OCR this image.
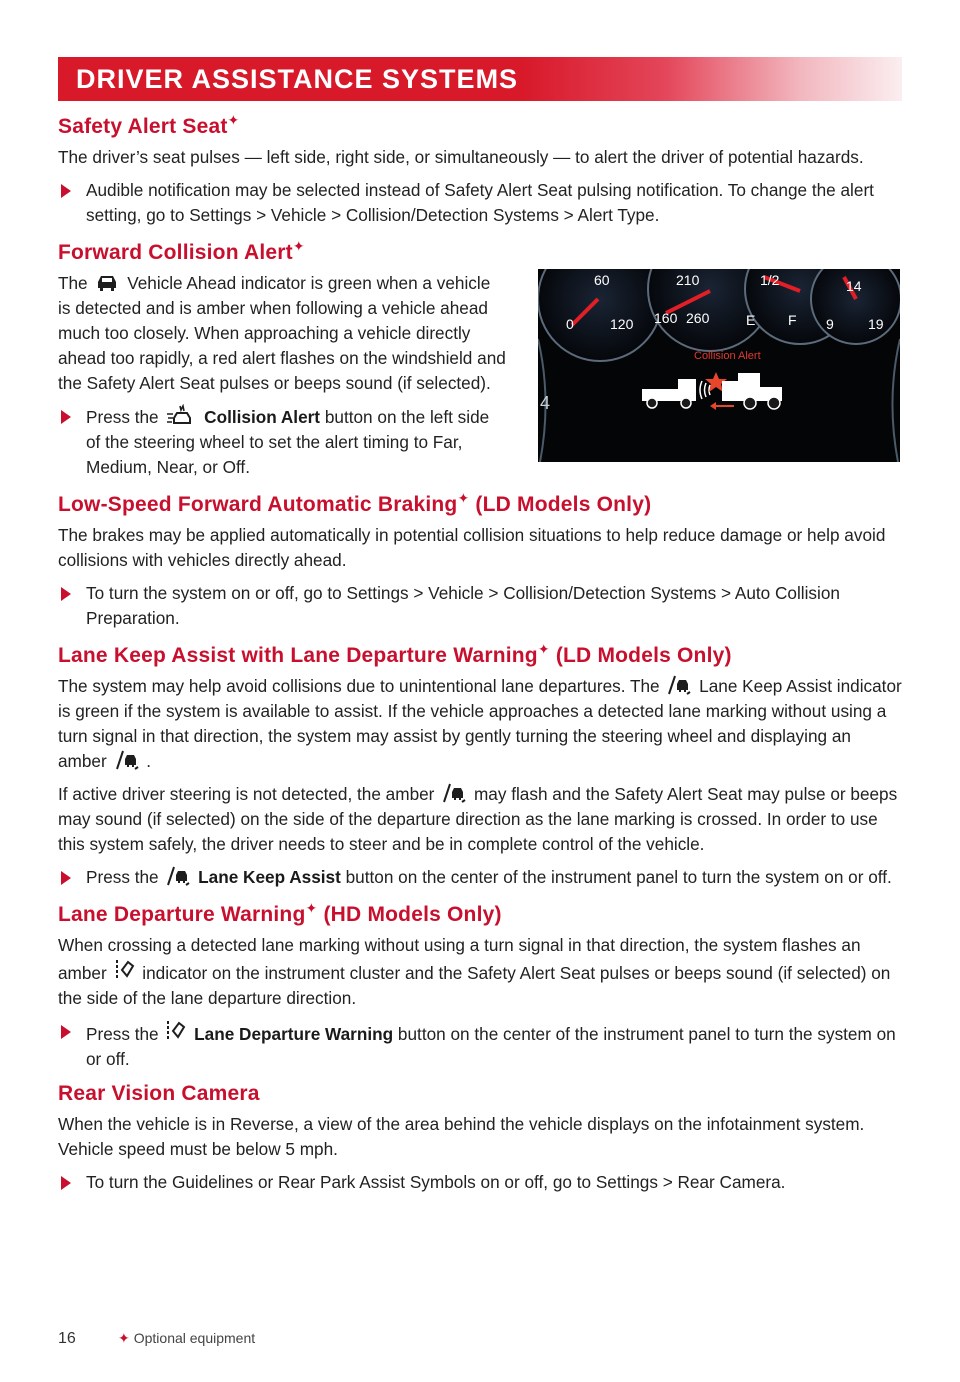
DRIVER ASSISTANCE SYSTEMS
Safety Alert Seat✦

The driver’s seat pulses — left side, right side, or simultaneously — to alert the driver of potential hazards.

Audible notification may be selected instead of Safety Alert Seat pulsing notification. To change the alert setting, go to Settings > Vehicle > Collision/Detection Systems > Alert Type.
Forward Collision Alert✦

The Vehicle Ahead indicator is green when a vehicle is detected and is amber when following a vehicle ahead much too closely. When approaching a vehicle directly ahead too rapidly, a red alert flashes on the windshield and the Safety Alert Seat pulses or beeps sound (if selected).

Press the	Collision Alert button on the left side of the steering wheel to set the alert timing to Far, Medium, Near, or Off.
60
0	120
210
160 260
1/2
E F
14
9 19
4
Collision Alert
Low-Speed Forward Automatic Braking✦ (LD Models Only)

The brakes may be applied automatically in potential collision situations to help reduce damage or help avoid collisions with vehicles directly ahead.

To turn the system on or off, go to Settings > Vehicle > Collision/Detection Systems > Auto Collision Preparation.
Lane Keep Assist with Lane Departure Warning✦ (LD Models Only)

The system may help avoid collisions due to unintentional lane departures. The Lane Keep Assist indicator is green if the system is available to assist. If the vehicle approaches a detected lane marking without using a turn signal in that direction, the system may assist by gently turning the steering wheel and displaying an amber .

If active driver steering is not detected, the amber may flash and the Safety Alert Seat may pulse or beeps may sound (if selected) on the side of the departure direction as the lane marking is crossed. In order to use this system safely, the driver needs to steer and be in complete control of the vehicle.

Press the Lane Keep Assist button on the center of the instrument panel to turn the system on or off.
Lane Departure Warning✦ (HD Models Only)

When crossing a detected lane marking without using a turn signal in that direction, the system flashes an amber indicator on the instrument cluster and the Safety Alert Seat pulses or beeps sound (if selected) on the side of the lane departure direction.

Press the Lane Departure Warning button on the center of the instrument panel to turn the system on or off.
Rear Vision Camera

When the vehicle is in Reverse, a view of the area behind the vehicle displays on the infotainment system. Vehicle speed must be below 5 mph.

To turn the Guidelines or Rear Park Assist Symbols on or off, go to Settings > Rear Camera.
16	✦ Optional equipment
